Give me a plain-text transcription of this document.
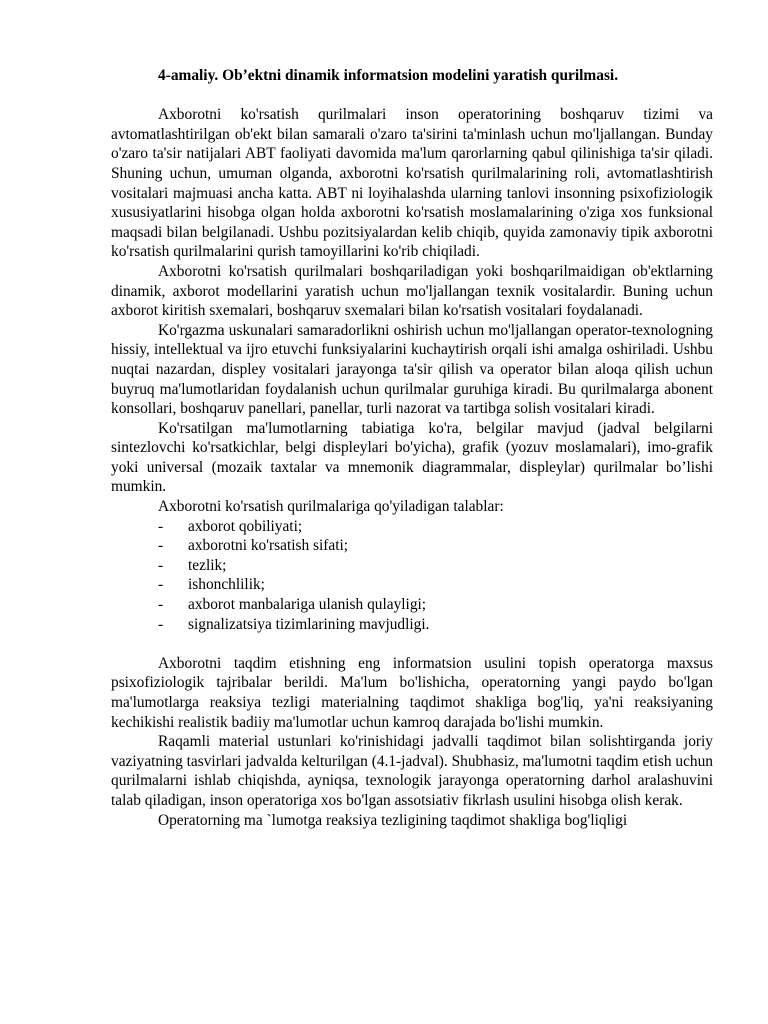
4-amaliy. Ob’ektni dinamik informatsion modelini yaratish qurilmasi.

Axborotni ko'rsatish qurilmalari inson operatorining boshqaruv tizimi va avtomatlashtirilgan ob'ekt bilan samarali o'zaro ta'sirini ta'minlash uchun mo'ljallangan. Bunday o'zaro ta'sir natijalari ABT faoliyati davomida ma'lum qarorlarning qabul qilinishiga ta'sir qiladi. Shuning uchun, umuman olganda, axborotni ko'rsatish qurilmalarining roli, avtomatlashtirish vositalari majmuasi ancha katta. ABT ni loyihalashda ularning tanlovi insonning psixofiziologik xususiyatlarini hisobga olgan holda axborotni ko'rsatish moslamalarining o'ziga xos funksional maqsadi bilan belgilanadi. Ushbu pozitsiyalardan kelib chiqib, quyida zamonaviy tipik axborotni ko'rsatish qurilmalarini qurish tamoyillarini ko'rib chiqiladi.

Axborotni ko'rsatish qurilmalari boshqariladigan yoki boshqarilmaidigan ob'ektlarning dinamik, axborot modellarini yaratish uchun mo'ljallangan texnik vositalardir. Buning uchun axborot kiritish sxemalari, boshqaruv sxemalari bilan ko'rsatish vositalari foydalanadi.

Ko'rgazma uskunalari samaradorlikni oshirish uchun mo'ljallangan operator-texnologning hissiy, intellektual va ijro etuvchi funksiyalarini kuchaytirish orqali ishi amalga oshiriladi. Ushbu nuqtai nazardan, displey vositalari jarayonga ta'sir qilish va operator bilan aloqa qilish uchun buyruq ma'lumotlaridan foydalanish uchun qurilmalar guruhiga kiradi. Bu qurilmalarga abonent konsollari, boshqaruv panellari, panellar, turli nazorat va tartibga solish vositalari kiradi.

Ko'rsatilgan ma'lumotlarning tabiatiga ko'ra, belgilar mavjud (jadval belgilarni sintezlovchi ko'rsatkichlar, belgi displeylari bo'yicha), grafik (yozuv moslamalari), imo-grafik yoki universal (mozaik taxtalar va mnemonik diagrammalar, displeylar) qurilmalar bo’lishi mumkin.

Axborotni ko'rsatish qurilmalariga qo'yiladigan talablar:

- axborot qobiliyati;
- axborotni ko'rsatish sifati;
- tezlik;
- ishonchlilik;
- axborot manbalariga ulanish qulayligi;
- signalizatsiya tizimlarining mavjudligi.

Axborotni taqdim etishning eng informatsion usulini topish operatorga maxsus psixofiziologik tajribalar berildi. Ma'lum bo'lishicha, operatorning yangi paydo bo'lgan ma'lumotlarga reaksiya tezligi materialning taqdimot shakliga bog'liq, ya'ni reaksiyaning kechikishi realistik badiiy ma'lumotlar uchun kamroq darajada bo'lishi mumkin.

Raqamli material ustunlari ko'rinishidagi jadvalli taqdimot bilan solishtirganda joriy vaziyatning tasvirlari jadvalda kelturilgan (4.1-jadval). Shubhasiz, ma'lumotni taqdim etish uchun qurilmalarni ishlab chiqishda, ayniqsa, texnologik jarayonga operatorning darhol aralashuvini talab qiladigan, inson operatoriga xos bo'lgan assotsiativ fikrlash usulini hisobga olish kerak.

Operatorning ma `lumotga reaksiya tezligining taqdimot shakliga bog'liqligi
